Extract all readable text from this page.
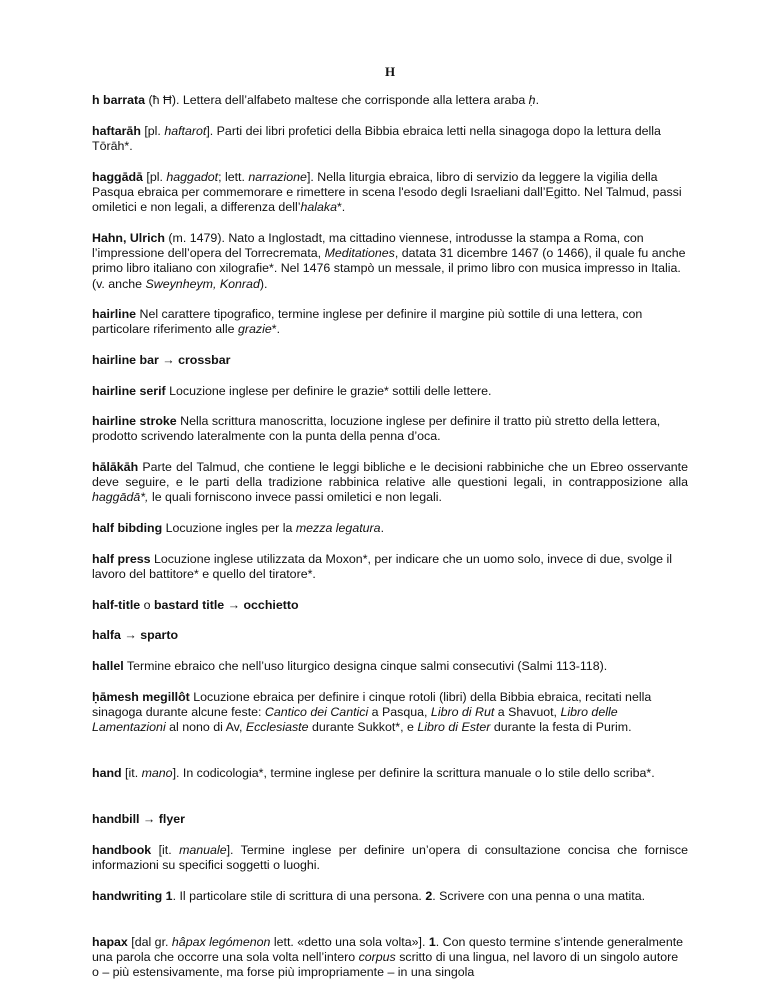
H

h barrata (ħ Ħ). Lettera dell’alfabeto maltese che corrisponde alla lettera araba ḥ.

haftarāh [pl. haftarot]. Parti dei libri profetici della Bibbia ebraica letti nella sinagoga dopo la lettura della Tōrāh*.

haggādā [pl. haggadot; lett. narrazione]. Nella liturgia ebraica, libro di servizio da leggere la vigilia della Pasqua ebraica per commemorare e rimettere in scena l'esodo degli Israeliani dall’Egitto. Nel Talmud, passi omiletici e non legali, a differenza dell’halaka*.

Hahn, Ulrich (m. 1479). Nato a Inglostadt, ma cittadino viennese, introdusse la stampa a Roma, con l’impressione dell’opera del Torrecremata, Meditationes, datata 31 dicembre 1467 (o 1466), il quale fu anche primo libro italiano con xilografie*. Nel 1476 stampò un messale, il primo libro con musica impresso in Italia. (v. anche Sweynheym, Konrad).

hairline Nel carattere tipografico, termine inglese per definire il margine più sottile di una lettera, con particolare riferimento alle grazie*.

hairline bar → crossbar

hairline serif Locuzione inglese per definire le grazie* sottili delle lettere.

hairline stroke Nella scrittura manoscritta, locuzione inglese per definire il tratto più stretto della lettera, prodotto scrivendo lateralmente con la punta della penna d’oca.

hālākāh Parte del Talmud, che contiene le leggi bibliche e le decisioni rabbiniche che un Ebreo osservante deve seguire, e le parti della tradizione rabbinica relative alle questioni legali, in contrapposizione alla haggādā*, le quali forniscono invece passi omiletici e non legali.

half bibding Locuzione ingles per la mezza legatura.

half press Locuzione inglese utilizzata da Moxon*, per indicare che un uomo solo, invece di due, svolge il lavoro del battitore* e quello del tiratore*.

half-title o bastard title → occhietto

halfa → sparto

hallel Termine ebraico che nell’uso liturgico designa cinque salmi consecutivi (Salmi 113-118).

ḥāmesh megillôt Locuzione ebraica per definire i cinque rotoli (libri) della Bibbia ebraica, recitati nella sinagoga durante alcune feste: Cantico dei Cantici a Pasqua, Libro di Rut a Shavuot, Libro delle Lamentazioni al nono di Av, Ecclesiaste durante Sukkot*, e Libro di Ester durante la festa di Purim.

hand [it. mano]. In codicologia*, termine inglese per definire la scrittura manuale o lo stile dello scriba*.

handbill → flyer

handbook [it. manuale]. Termine inglese per definire un’opera di consultazione concisa che fornisce informazioni su specifici soggetti o luoghi.

handwriting 1. Il particolare stile di scrittura di una persona. 2. Scrivere con una penna o una matita.

hapax [dal gr. hâpax legómenon lett. «detto una sola volta»]. 1. Con questo termine s’intende generalmente una parola che occorre una sola volta nell’intero corpus scritto di una lingua, nel lavoro di un singolo autore o – più estensivamente, ma forse più impropriamente – in una singola
